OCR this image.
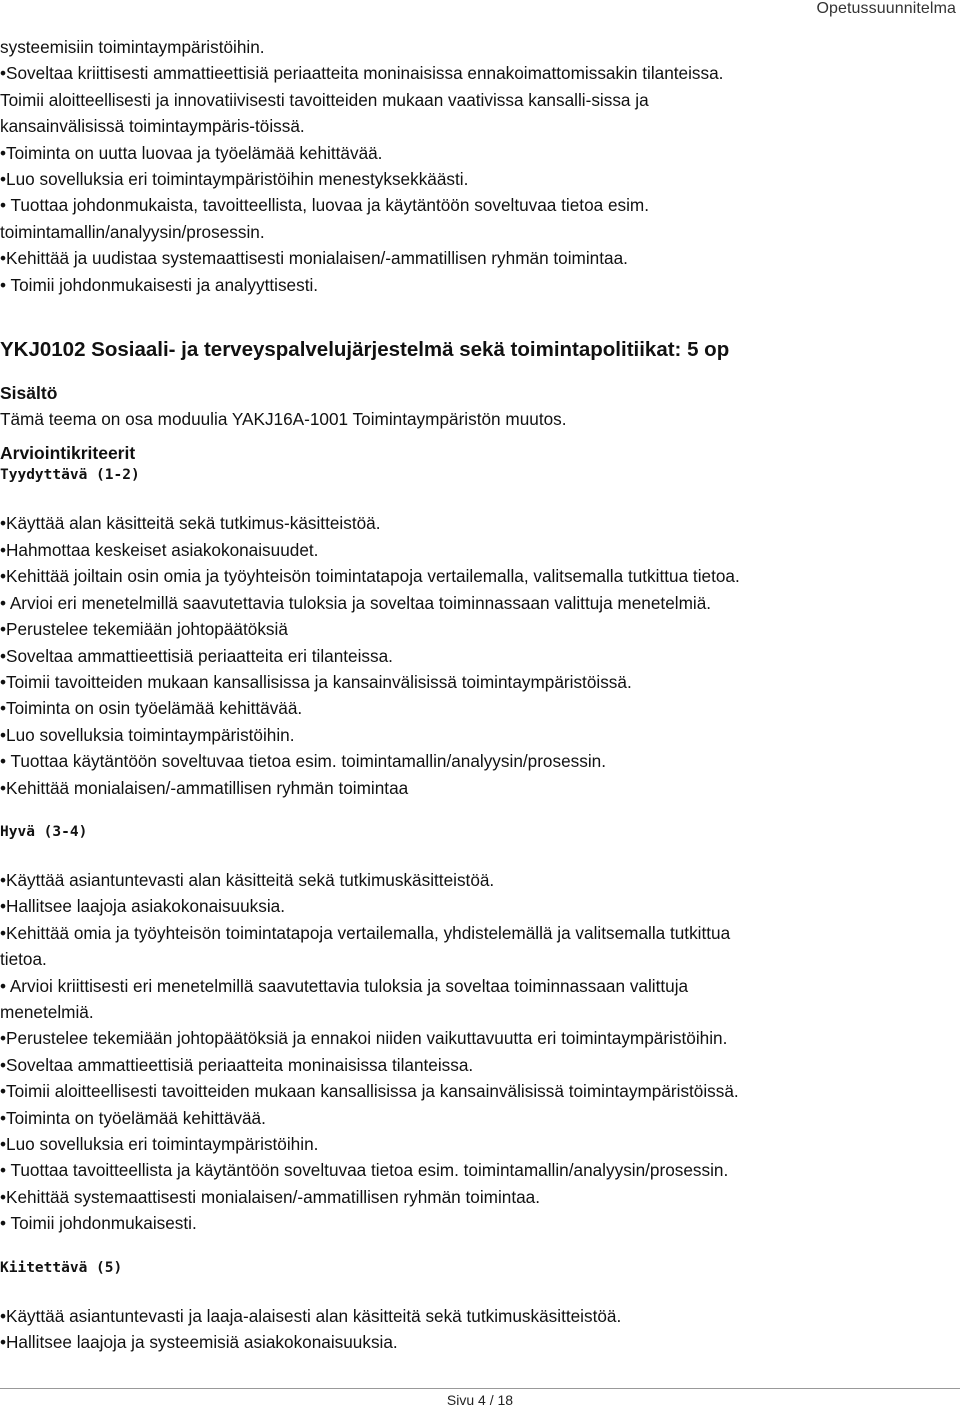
Opetussuunnitelma
systeemisiin toimintaympäristöihin.
•Soveltaa kriittisesti ammattieettisiä periaatteita moninaisissa ennakoimattomissakin tilanteissa.
Toimii aloitteellisesti ja innovatiivisesti tavoitteiden mukaan vaativissa kansalli-sissa ja
kansainvälisissä toimintaympäris-töissä.
•Toiminta on uutta luovaa ja työelämää kehittävää.
•Luo sovelluksia eri toimintaympäristöihin menestyksekkäästi.
• Tuottaa johdonmukaista, tavoitteellista, luovaa ja käytäntöön soveltuvaa tietoa esim.
toimintamallin/analyysin/prosessin.
•Kehittää ja uudistaa systemaattisesti monialaisen/-ammatillisen ryhmän toimintaa.
• Toimii johdonmukaisesti ja analyyttisesti.
YKJ0102 Sosiaali- ja terveyspalvelujärjestelmä sekä toimintapolitiikat: 5 op
Sisältö
Tämä teema on osa moduulia YAKJ16A-1001 Toimintaympäristön muutos.
Arviointikriteerit
Tyydyttävä (1-2)
•Käyttää alan käsitteitä sekä tutkimus-käsitteistöä.
•Hahmottaa keskeiset asiakokonaisuudet.
•Kehittää joiltain osin omia ja työyhteisön toimintatapoja vertailemalla, valitsemalla tutkittua tietoa.
• Arvioi eri menetelmillä saavutettavia tuloksia ja soveltaa toiminnassaan valittuja menetelmiä.
•Perustelee tekemiään johtopäätöksiä
•Soveltaa ammattieettisiä periaatteita eri tilanteissa.
•Toimii tavoitteiden mukaan kansallisissa ja kansainvälisissä toimintaympäristöissä.
•Toiminta on osin työelämää kehittävää.
•Luo sovelluksia toimintaympäristöihin.
• Tuottaa käytäntöön soveltuvaa tietoa esim. toimintamallin/analyysin/prosessin.
•Kehittää monialaisen/-ammatillisen ryhmän toimintaa
Hyvä (3-4)
•Käyttää asiantuntevasti alan käsitteitä sekä tutkimuskäsitteistöä.
•Hallitsee laajoja asiakokonaisuuksia.
•Kehittää omia ja työyhteisön toimintatapoja vertailemalla, yhdistelemällä ja valitsemalla tutkittua
tietoa.
• Arvioi kriittisesti eri menetelmillä saavutettavia tuloksia ja soveltaa toiminnassaan valittuja
menetelmiä.
•Perustelee tekemiään johtopäätöksiä ja ennakoi niiden vaikuttavuutta eri toimintaympäristöihin.
•Soveltaa ammattieettisiä periaatteita moninaisissa tilanteissa.
•Toimii aloitteellisesti tavoitteiden mukaan kansallisissa ja kansainvälisissä toimintaympäristöissä.
•Toiminta on työelämää kehittävää.
•Luo sovelluksia eri toimintaympäristöihin.
• Tuottaa tavoitteellista ja käytäntöön soveltuvaa tietoa esim. toimintamallin/analyysin/prosessin.
•Kehittää systemaattisesti monialaisen/-ammatillisen ryhmän toimintaa.
• Toimii johdonmukaisesti.
Kiitettävä (5)
•Käyttää asiantuntevasti ja laaja-alaisesti alan käsitteitä sekä tutkimuskäsitteistöä.
•Hallitsee laajoja ja systeemisiä asiakokonaisuuksia.
Sivu 4 / 18
